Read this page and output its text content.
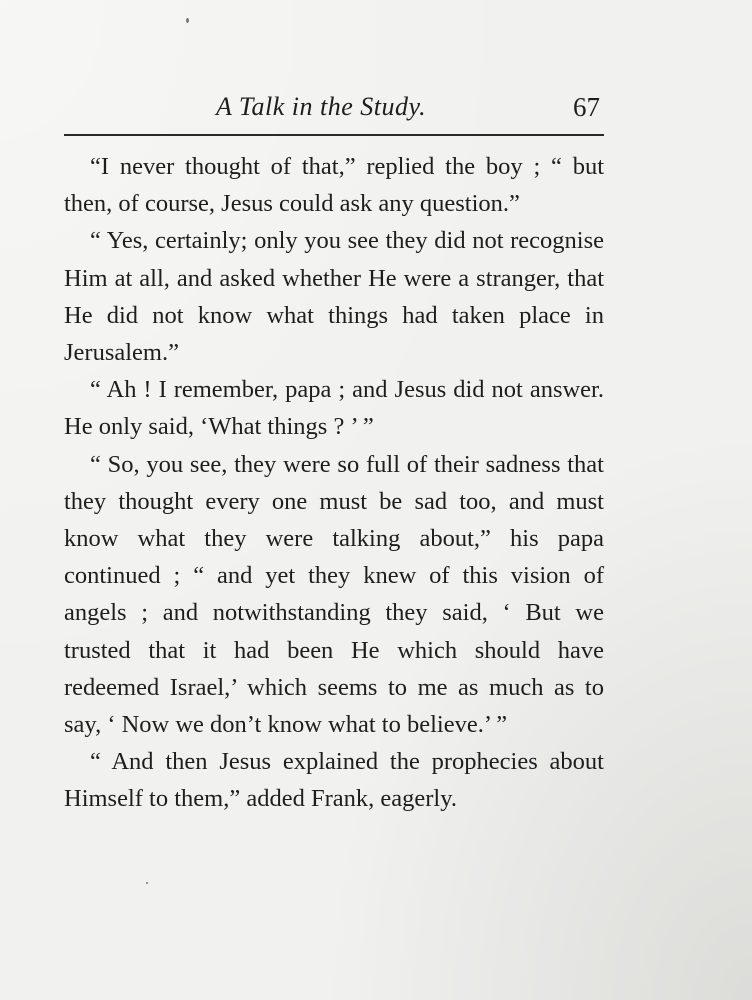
A Talk in the Study.	67

“I never thought of that,” replied the boy ; “ but then, of course, Jesus could ask any question.”

“ Yes, certainly; only you see they did not recognise Him at all, and asked whether He were a stranger, that He did not know what things had taken place in Jerusalem.”

“ Ah ! I remember, papa ; and Jesus did not answer. He only said, ‘What things ? ’ ”

“ So, you see, they were so full of their sadness that they thought every one must be sad too, and must know what they were talking about,” his papa continued ; “ and yet they knew of this vision of angels ; and notwithstanding they said, ‘ But we trusted that it had been He which should have redeemed Israel,’ which seems to me as much as to say, ‘ Now we don’t know what to believe.’ ”

“ And then Jesus explained the prophecies about Himself to them,” added Frank, eagerly.
